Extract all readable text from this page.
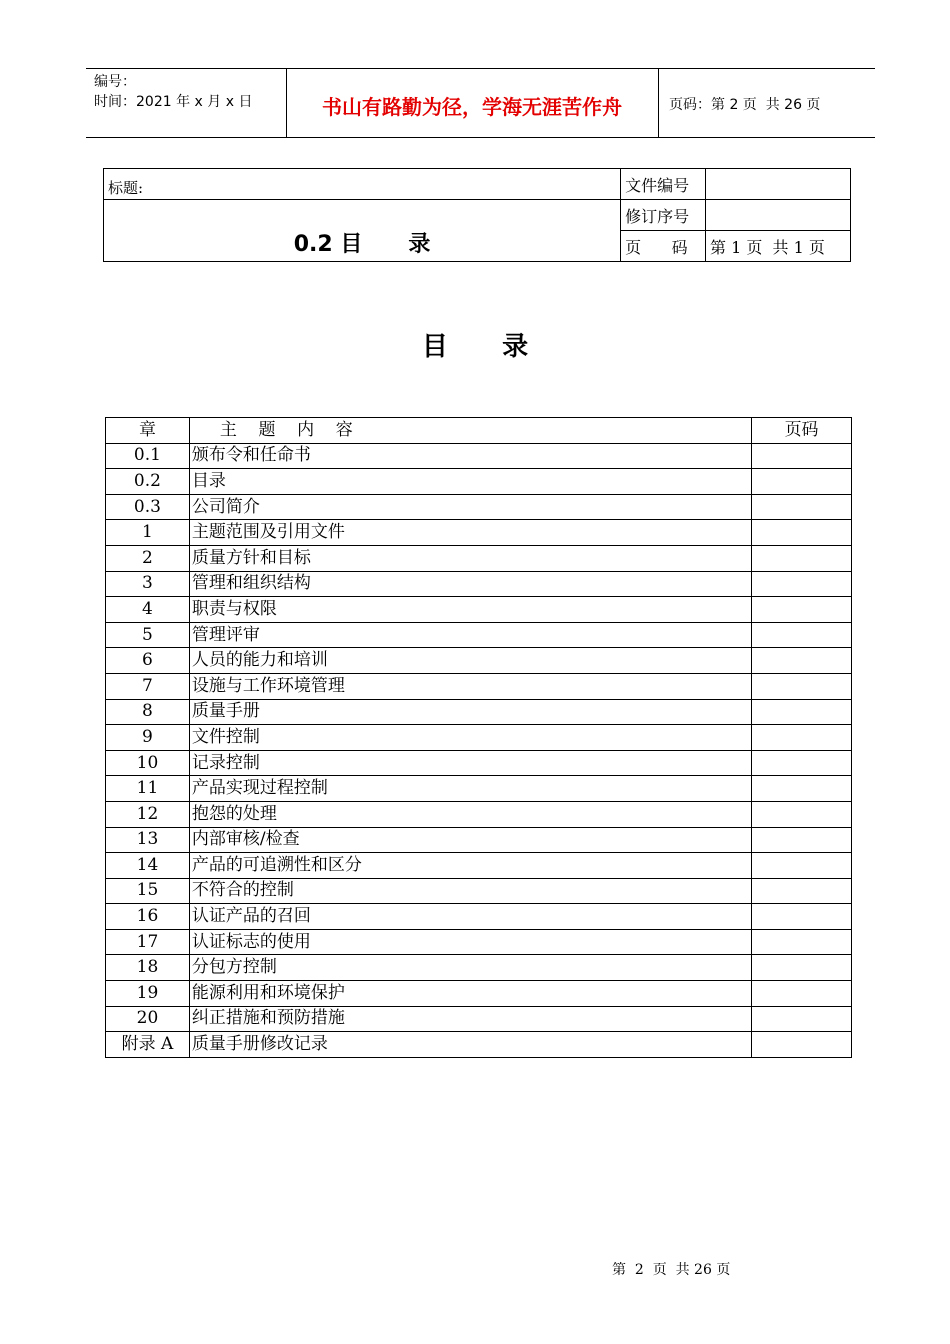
编号：
时间：2021 年 x 月 x 日	书山有路勤为径，学海无涯苦作舟	页码：第 2 页  共 26 页
标题:	文件编号	
0.2 目      录	修订序号	
	页      码	第 1 页  共 1 页
目      录
章	主    题    内    容	页码
0.1	颁布令和任命书	
0.2	目录	
0.3	公司简介	
1	主题范围及引用文件	
2	质量方针和目标	
3	管理和组织结构	
4	职责与权限	
5	管理评审	
6	人员的能力和培训	
7	设施与工作环境管理	
8	质量手册	
9	文件控制	
10	记录控制	
11	产品实现过程控制	
12	抱怨的处理	
13	内部审核/检查	
14	产品的可追溯性和区分	
15	不符合的控制	
16	认证产品的召回	
17	认证标志的使用	
18	分包方控制	
19	能源利用和环境保护	
20	纠正措施和预防措施	
附录 A	质量手册修改记录	
第  2  页  共 26 页
